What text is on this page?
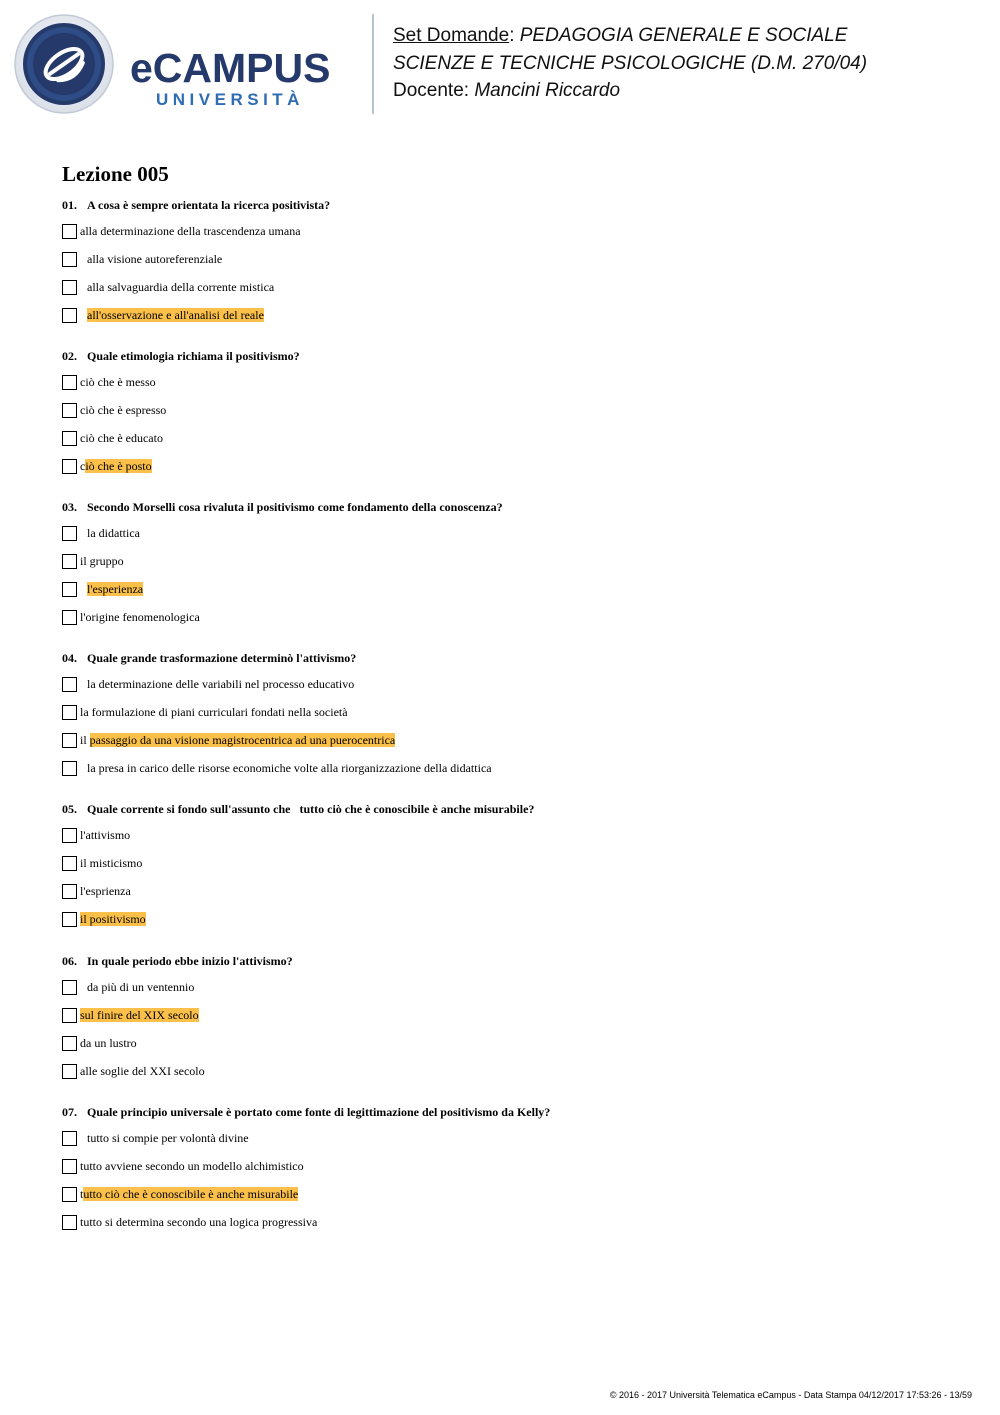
eCAMPUS
UNIVERSITÀ
Set Domande: PEDAGOGIA GENERALE E SOCIALE
SCIENZE E TECNICHE PSICOLOGICHE (D.M. 270/04)
Docente: Mancini Riccardo
Lezione 005
01. A cosa è sempre orientata la ricerca positivista?
alla determinazione della trascendenza umana
alla visione autoreferenziale
alla salvaguardia della corrente mistica
all'osservazione e all'analisi del reale
02. Quale etimologia richiama il positivismo?
ciò che è messo
ciò che è espresso
ciò che è educato
ciò che è posto
03. Secondo Morselli cosa rivaluta il positivismo come fondamento della conoscenza?
la didattica
il gruppo
l'esperienza
l'origine fenomenologica
04. Quale grande trasformazione determinò l'attivismo?
la determinazione delle variabili nel processo educativo
la formulazione di piani curriculari fondati nella società
il passaggio da una visione magistrocentrica ad una puerocentrica
la presa in carico delle risorse economiche volte alla riorganizzazione della didattica
05. Quale corrente si fondo sull'assunto che   tutto ciò che è conoscibile è anche misurabile?
l'attivismo
il misticismo
l'esprienza
il positivismo
06. In quale periodo ebbe inizio l'attivismo?
da più di un ventennio
sul finire del XIX secolo
da un lustro
alle soglie del XXI secolo
07. Quale principio universale è portato come fonte di legittimazione del positivismo da Kelly?
tutto si compie per volontà divine
tutto avviene secondo un modello alchimistico
tutto ciò che è conoscibile è anche misurabile
tutto si determina secondo una logica progressiva
© 2016 - 2017 Università Telematica eCampus - Data Stampa 04/12/2017 17:53:26 - 13/59
